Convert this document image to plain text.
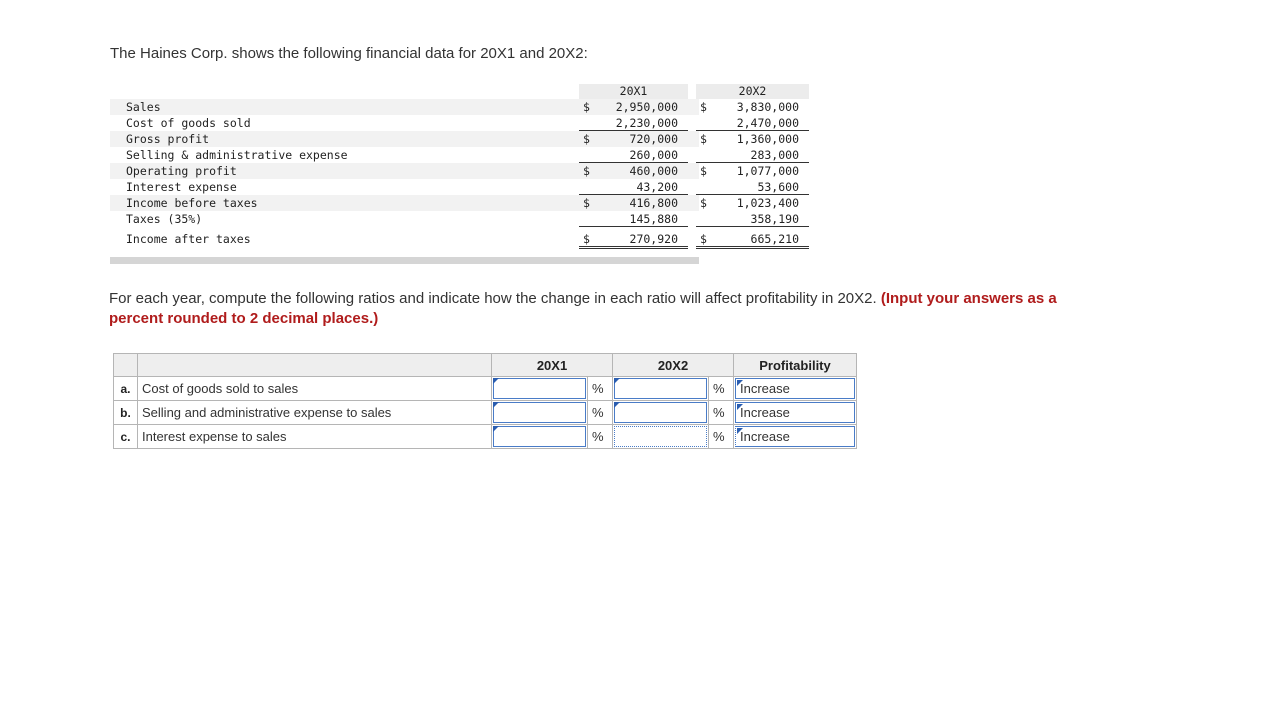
The Haines Corp. shows the following financial data for 20X1 and 20X2:
20X1	20X2
Sales	$ 2,950,000 $	3,830,000
Cost of goods sold	2,230,000	2,470,000
Gross profit	$	720,000 $	1,360,000
Selling & administrative expense	260,000	283,000
Operating profit	$	460,000 $	1,077,000
Interest expense	43,200	53,600
Income before taxes	$	416,800 $	1,023,400
Taxes (35%)	145,880	358,190
Income after taxes	$	270,920 $	665,210
For each year, compute the following ratios and indicate how the change in each ratio will affect profitability in 20X2. (Input your answers as a percent rounded to 2 decimal places.)
		20X1		20X2		Profitability
a.	Cost of goods sold to sales		%		%	Increase

b.	Selling and administrative expense to sales		%		%	Increase

c.	Interest expense to sales		%		%	Increase
